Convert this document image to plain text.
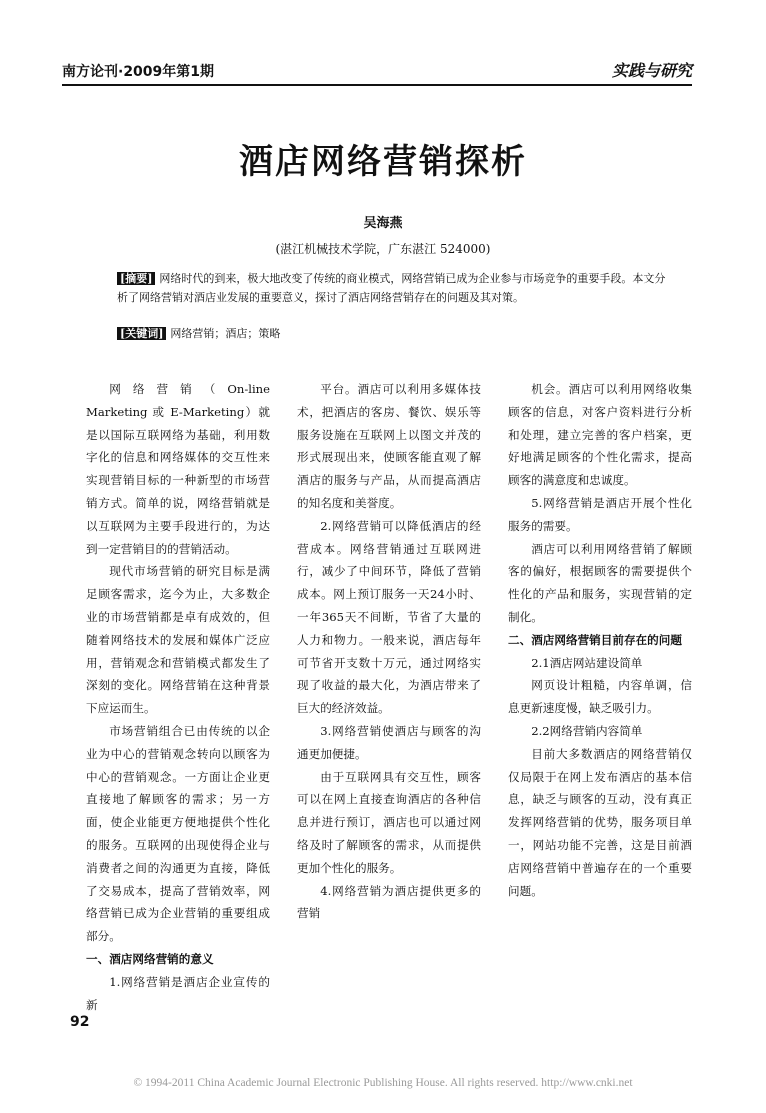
南方论刊·2009年第1期	实践与研究
酒店网络营销探析
吴海燕
(湛江机械技术学院，广东湛江 524000)
[摘要] 网络时代的到来，极大地改变了传统的商业模式，网络营销已成为企业参与市场竞争的重要手段。本文分析了网络营销对酒店业发展的重要意义，探讨了酒店网络营销存在的问题及其对策。
[关键词] 网络营销；酒店；策略

网络营销（On-line Marketing 或 E-Marketing）就是以国际互联网络为基础，利用数字化的信息和网络媒体的交互性来实现营销目标的一种新型的市场营销方式。简单的说，网络营销就是以互联网为主要手段进行的，为达到一定营销目的的营销活动。

现代市场营销的研究目标是满足顾客需求，迄今为止，大多数企业的市场营销都是卓有成效的，但随着网络技术的发展和媒体广泛应用，营销观念和营销模式都发生了深刻的变化。网络营销在这种背景下应运而生。

市场营销组合已由传统的以企业为中心的营销观念转向以顾客为中心的营销观念。一方面让企业更直接地了解顾客的需求；另一方面，使企业能更方便地提供个性化的服务。互联网的出现使得企业与消费者之间的沟通更为直接，降低了交易成本，提高了营销效率，网络营销已成为企业营销的重要组成部分。

一、酒店网络营销的意义

1.网络营销是酒店企业宣传的新

平台。酒店可以利用多媒体技术，把酒店的客房、餐饮、娱乐等服务设施在互联网上以图文并茂的形式展现出来，使顾客能直观了解酒店的服务与产品，从而提高酒店的知名度和美誉度。

2.网络营销可以降低酒店的经营成本。网络营销通过互联网进行，减少了中间环节，降低了营销成本。网上预订服务一天24小时、一年365天不间断，节省了大量的人力和物力。一般来说，酒店每年可节省开支数十万元，通过网络实现了收益的最大化，为酒店带来了巨大的经济效益。

3.网络营销使酒店与顾客的沟通更加便捷。

由于互联网具有交互性，顾客可以在网上直接查询酒店的各种信息并进行预订，酒店也可以通过网络及时了解顾客的需求，从而提供更加个性化的服务。

4.网络营销为酒店提供更多的营销

机会。酒店可以利用网络收集顾客的信息，对客户资料进行分析和处理，建立完善的客户档案，更好地满足顾客的个性化需求，提高顾客的满意度和忠诚度。

5.网络营销是酒店开展个性化服务的需要。

酒店可以利用网络营销了解顾客的偏好，根据顾客的需要提供个性化的产品和服务，实现营销的定制化。

二、酒店网络营销目前存在的问题

2.1酒店网站建设简单

网页设计粗糙，内容单调，信息更新速度慢，缺乏吸引力。

2.2网络营销内容简单

目前大多数酒店的网络营销仅仅局限于在网上发布酒店的基本信息，缺乏与顾客的互动，没有真正发挥网络营销的优势，服务项目单一，网站功能不完善，这是目前酒店网络营销中普遍存在的一个重要问题。

92
© 1994-2011 China Academic Journal Electronic Publishing House. All rights reserved. http://www.cnki.net
